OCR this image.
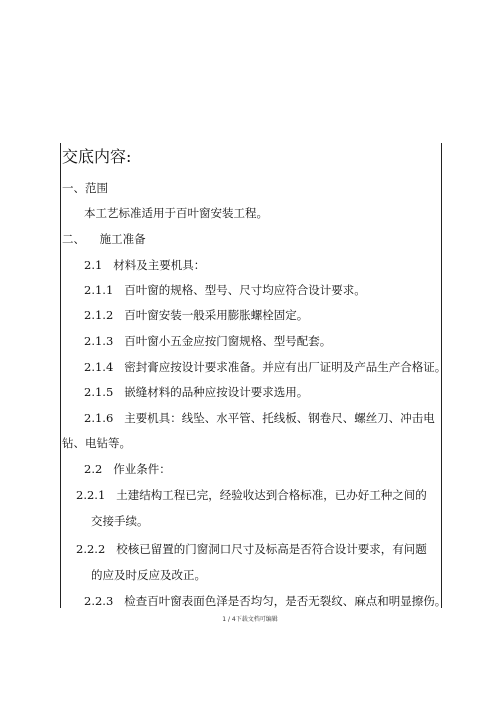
交底内容:
一、范围
本工艺标准适用于百叶窗安装工程。
二、    施工准备
2.1 材料及主要机具：
2.1.1 百叶窗的规格、型号、尺寸均应符合设计要求。
2.1.2 百叶窗安装一般采用膨胀螺栓固定。
2.1.3 百叶窗小五金应按门窗规格、型号配套。
2.1.4 密封膏应按设计要求准备。并应有出厂证明及产品生产合格证。
2.1.5 嵌缝材料的品种应按设计要求选用。
2.1.6 主要机具：线坠、水平管、托线板、钢卷尺、螺丝刀、冲击电
钻、电钻等。
2.2 作业条件：
2.2.1 土建结构工程已完，经验收达到合格标准，已办好工种之间的
交接手续。
2.2.2 校核已留置的门窗洞口尺寸及标高是否符合设计要求，有问题
的应及时反应及改正。
2.2.3 检查百叶窗表面色泽是否均匀，是否无裂纹、麻点和明显擦伤。
1 / 4下载文档可编辑
